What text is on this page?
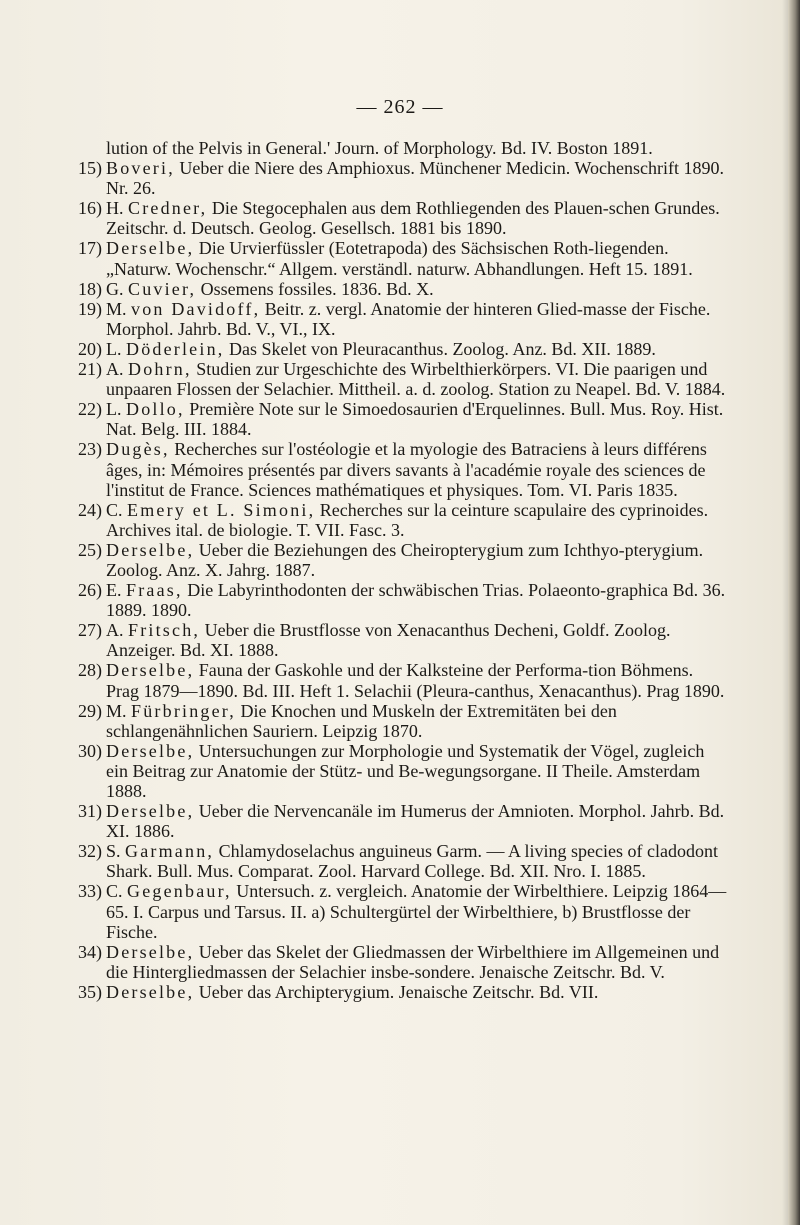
— 262 —

lution of the Pelvis in General.' Journ. of Morphology. Bd. IV. Boston 1891.

15) Boveri, Ueber die Niere des Amphioxus. Münchener Medicin. Wochenschrift 1890. Nr. 26.

16) H. Credner, Die Stegocephalen aus dem Rothliegenden des Plauen-schen Grundes. Zeitschr. d. Deutsch. Geolog. Gesellsch. 1881 bis 1890.

17) Derselbe, Die Urvierfüssler (Eotetrapoda) des Sächsischen Roth-liegenden. „Naturw. Wochenschr.“ Allgem. verständl. naturw. Abhandlungen. Heft 15. 1891.

18) G. Cuvier, Ossemens fossiles. 1836. Bd. X.

19) M. von Davidoff, Beitr. z. vergl. Anatomie der hinteren Glied-masse der Fische. Morphol. Jahrb. Bd. V., VI., IX.

20) L. Döderlein, Das Skelet von Pleuracanthus. Zoolog. Anz. Bd. XII. 1889.

21) A. Dohrn, Studien zur Urgeschichte des Wirbelthierkörpers. VI. Die paarigen und unpaaren Flossen der Selachier. Mittheil. a. d. zoolog. Station zu Neapel. Bd. V. 1884.

22) L. Dollo, Première Note sur le Simoedosaurien d'Erquelinnes. Bull. Mus. Roy. Hist. Nat. Belg. III. 1884.

23) Dugès, Recherches sur l'ostéologie et la myologie des Batraciens à leurs différens âges, in: Mémoires présentés par divers savants à l'académie royale des sciences de l'institut de France. Sciences mathématiques et physiques. Tom. VI. Paris 1835.

24) C. Emery et L. Simoni, Recherches sur la ceinture scapulaire des cyprinoides. Archives ital. de biologie. T. VII. Fasc. 3.

25) Derselbe, Ueber die Beziehungen des Cheiropterygium zum Ichthyo-pterygium. Zoolog. Anz. X. Jahrg. 1887.

26) E. Fraas, Die Labyrinthodonten der schwäbischen Trias. Polaeonto-graphica Bd. 36. 1889. 1890.

27) A. Fritsch, Ueber die Brustflosse von Xenacanthus Decheni, Goldf. Zoolog. Anzeiger. Bd. XI. 1888.

28) Derselbe, Fauna der Gaskohle und der Kalksteine der Performa-tion Böhmens. Prag 1879—1890. Bd. III. Heft 1. Selachii (Pleura-canthus, Xenacanthus). Prag 1890.

29) M. Fürbringer, Die Knochen und Muskeln der Extremitäten bei den schlangenähnlichen Sauriern. Leipzig 1870.

30) Derselbe, Untersuchungen zur Morphologie und Systematik der Vögel, zugleich ein Beitrag zur Anatomie der Stütz- und Be-wegungsorgane. II Theile. Amsterdam 1888.

31) Derselbe, Ueber die Nervencanäle im Humerus der Amnioten. Morphol. Jahrb. Bd. XI. 1886.

32) S. Garmann, Chlamydoselachus anguineus Garm. — A living species of cladodont Shark. Bull. Mus. Comparat. Zool. Harvard College. Bd. XII. Nro. I. 1885.

33) C. Gegenbaur, Untersuch. z. vergleich. Anatomie der Wirbelthiere. Leipzig 1864—65. I. Carpus und Tarsus. II. a) Schultergürtel der Wirbelthiere, b) Brustflosse der Fische.

34) Derselbe, Ueber das Skelet der Gliedmassen der Wirbelthiere im Allgemeinen und die Hintergliedmassen der Selachier insbe-sondere. Jenaische Zeitschr. Bd. V.

35) Derselbe, Ueber das Archipterygium. Jenaische Zeitschr. Bd. VII.
